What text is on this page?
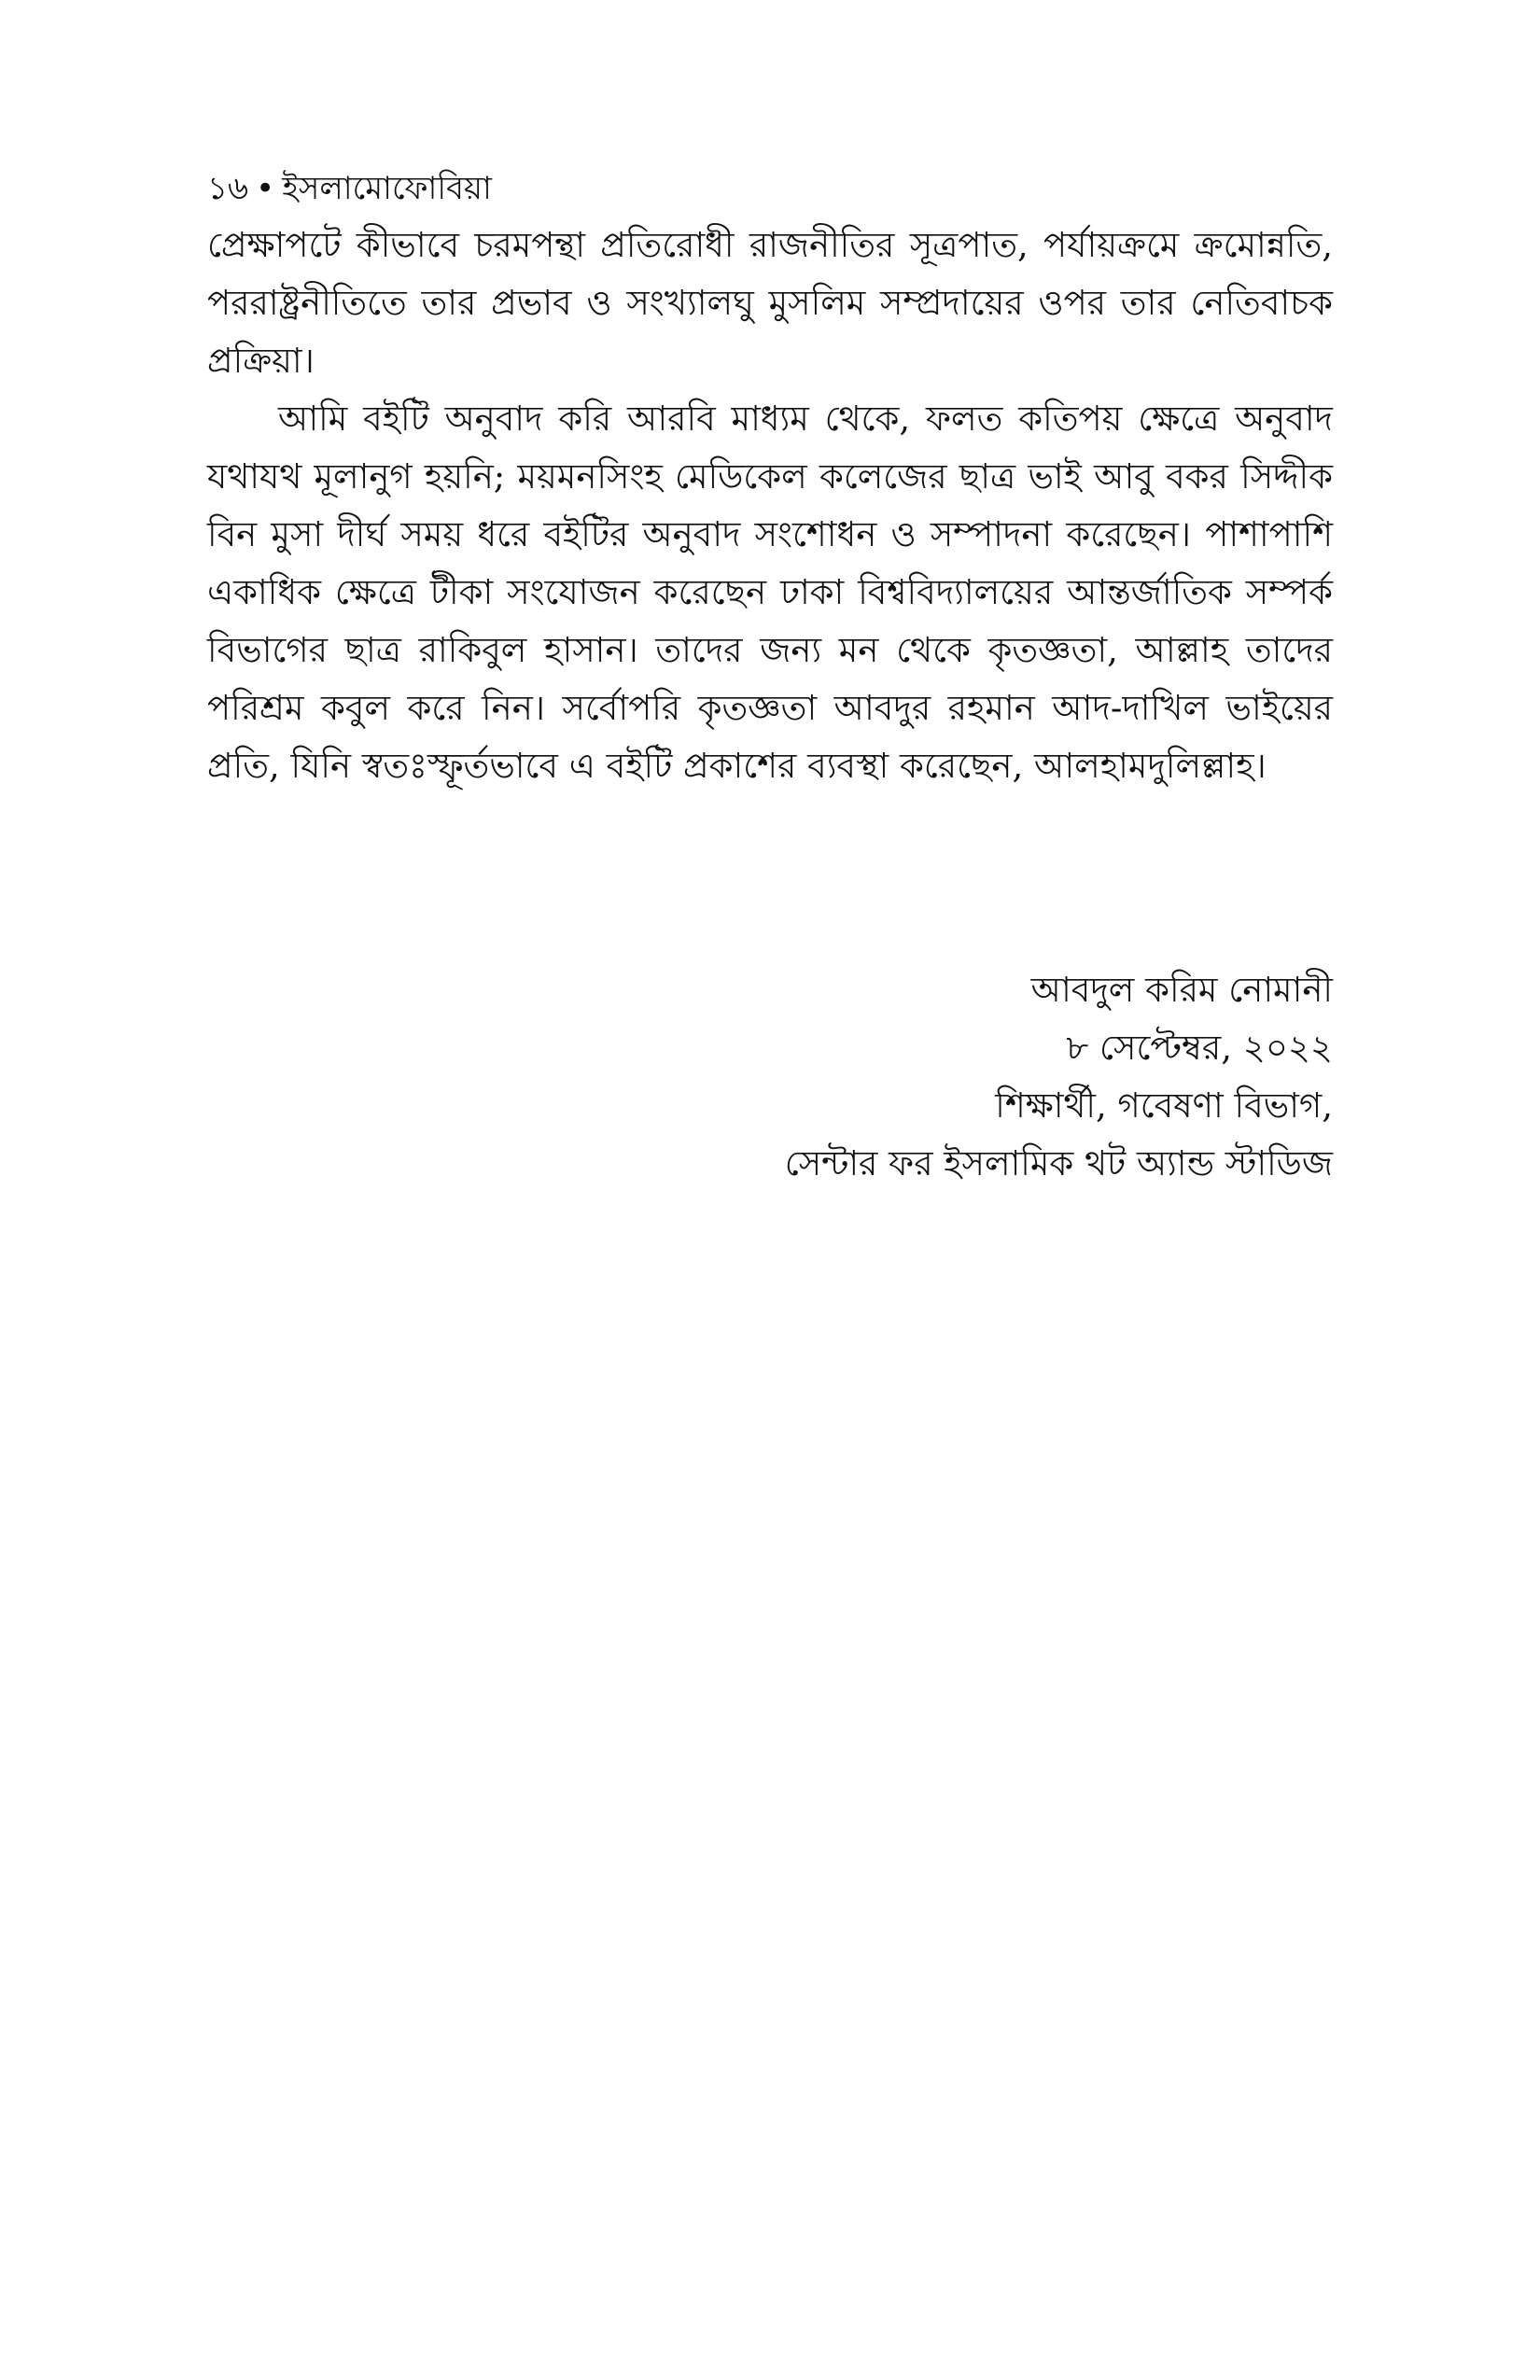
১৬ • ইসলামোফোবিয়া

প্রেক্ষাপটে কীভাবে চরমপন্থা প্রতিরোধী রাজনীতির সূত্রপাত, পর্যায়ক্রমে ক্রমোন্নতি, পররাষ্ট্রনীতিতে তার প্রভাব ও সংখ্যালঘু মুসলিম সম্প্রদায়ের ওপর তার নেতিবাচক প্রক্রিয়া।

আমি বইটি অনুবাদ করি আরবি মাধ্যম থেকে, ফলত কতিপয় ক্ষেত্রে অনুবাদ যথাযথ মূলানুগ হয়নি; ময়মনসিংহ মেডিকেল কলেজের ছাত্র ভাই আবু বকর সিদ্দীক বিন মুসা দীর্ঘ সময় ধরে বইটির অনুবাদ সংশোধন ও সম্পাদনা করেছেন। পাশাপাশি একাধিক ক্ষেত্রে টীকা সংযোজন করেছেন ঢাকা বিশ্ববিদ্যালয়ের আন্তর্জাতিক সম্পর্ক বিভাগের ছাত্র রাকিবুল হাসান। তাদের জন্য মন থেকে কৃতজ্ঞতা, আল্লাহ তাদের পরিশ্রম কবুল করে নিন। সর্বোপরি কৃতজ্ঞতা আবদুর রহমান আদ-দাখিল ভাইয়ের প্রতি, যিনি স্বতঃস্ফূর্তভাবে এ বইটি প্রকাশের ব্যবস্থা করেছেন, আলহামদুলিল্লাহ।

আবদুল করিম নোমানী
৮ সেপ্টেম্বর, ২০২২
শিক্ষার্থী, গবেষণা বিভাগ,
সেন্টার ফর ইসলামিক থট অ্যান্ড স্টাডিজ
